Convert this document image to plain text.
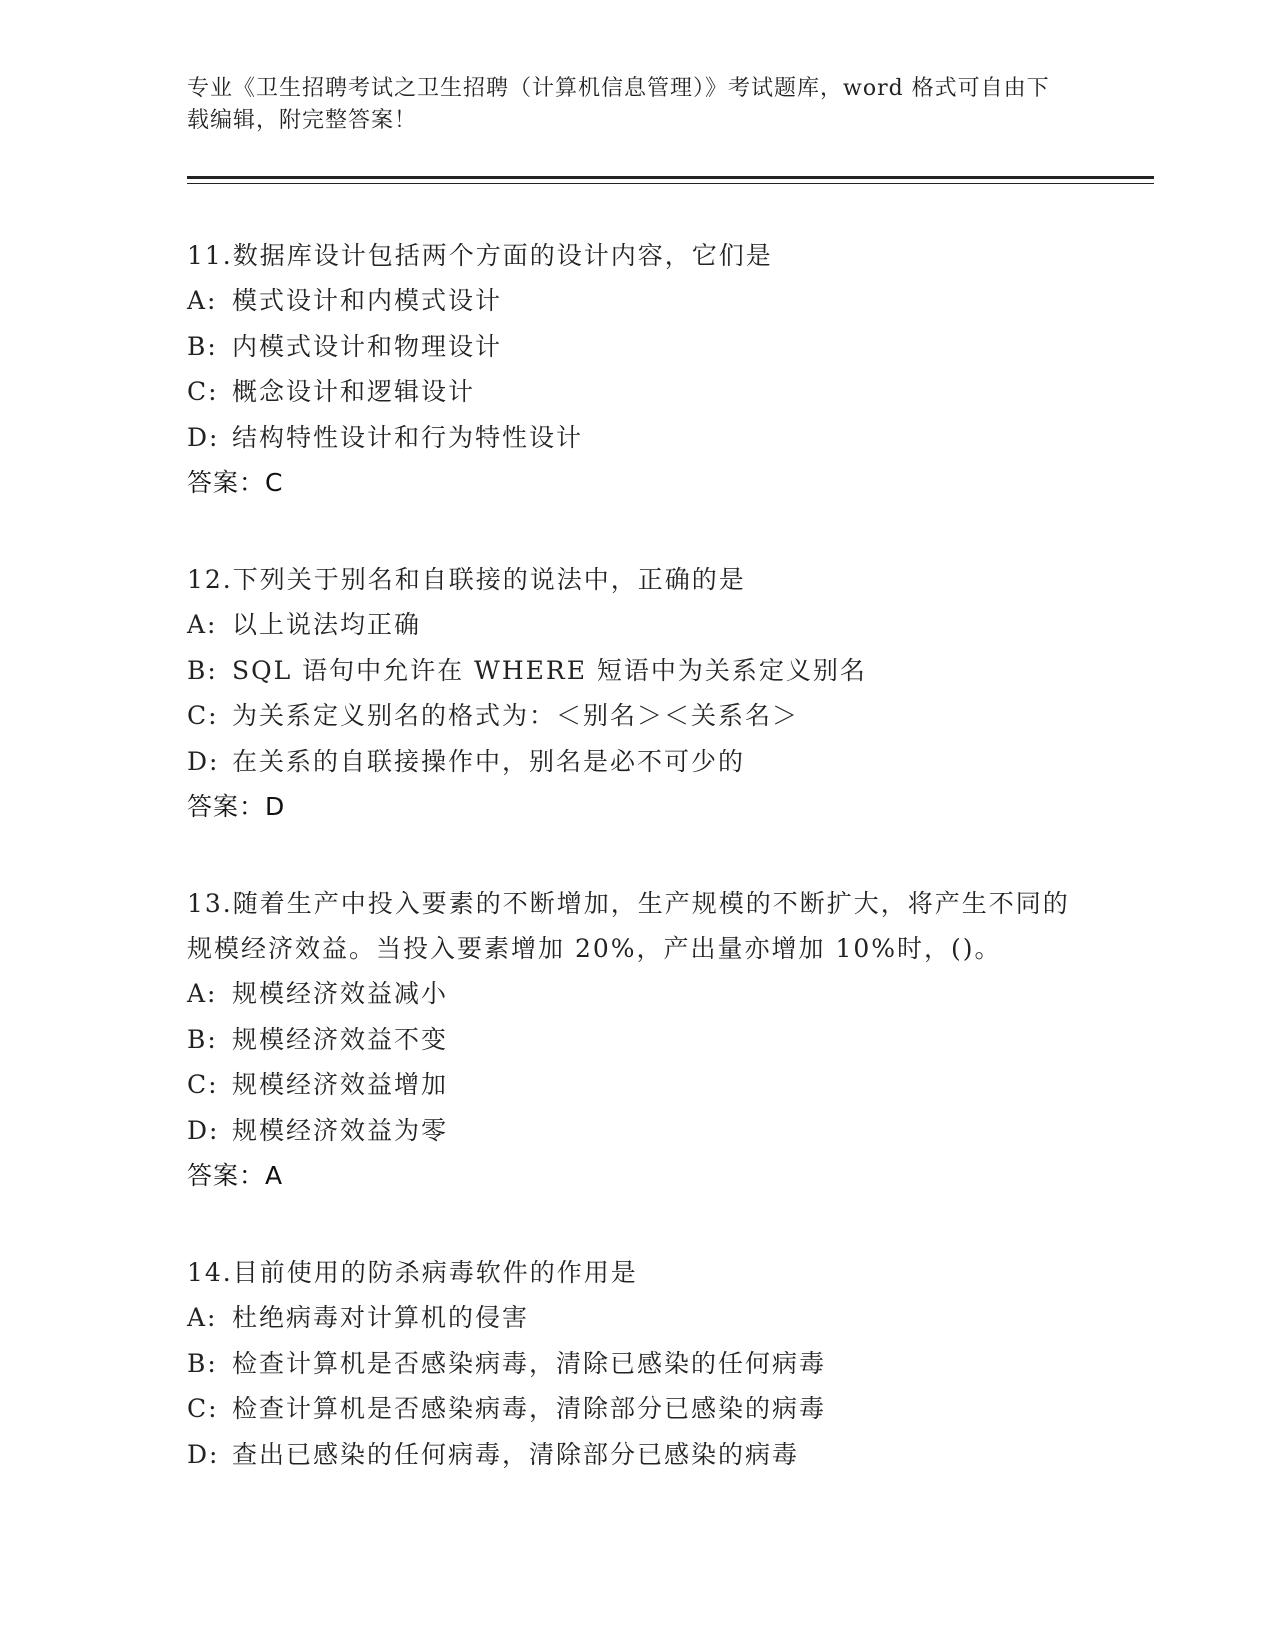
专业《卫生招聘考试之卫生招聘（计算机信息管理）》考试题库，word 格式可自由下载编辑，附完整答案！
11.数据库设计包括两个方面的设计内容，它们是
A: 模式设计和内模式设计
B: 内模式设计和物理设计
C: 概念设计和逻辑设计
D: 结构特性设计和行为特性设计
答案：C
12.下列关于别名和自联接的说法中，正确的是
A: 以上说法均正确
B: SQL 语句中允许在 WHERE 短语中为关系定义别名
C: 为关系定义别名的格式为：＜别名＞＜关系名＞
D: 在关系的自联接操作中，别名是必不可少的
答案：D
13.随着生产中投入要素的不断增加，生产规模的不断扩大，将产生不同的规模经济效益。当投入要素增加 20%，产出量亦增加 10%时，()。
A: 规模经济效益减小
B: 规模经济效益不变
C: 规模经济效益增加
D: 规模经济效益为零
答案：A
14.目前使用的防杀病毒软件的作用是
A: 杜绝病毒对计算机的侵害
B: 检查计算机是否感染病毒，清除已感染的任何病毒
C: 检查计算机是否感染病毒，清除部分已感染的病毒
D: 查出已感染的任何病毒，清除部分已感染的病毒
